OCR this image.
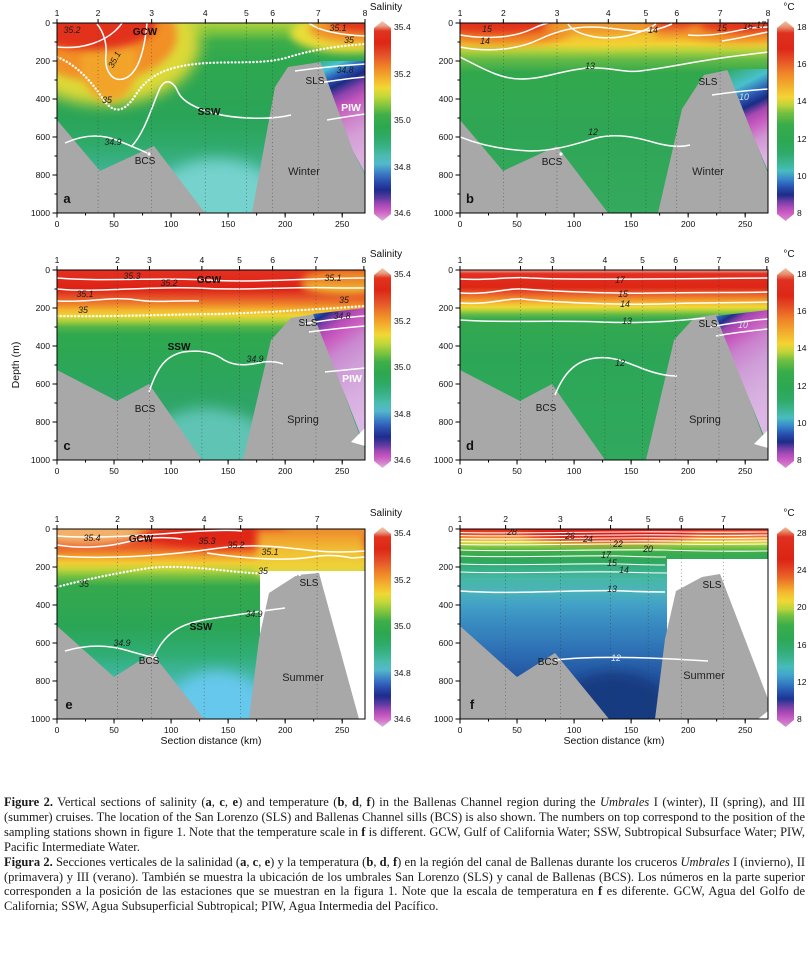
1	2	3	4	5 6	7	8
0	50	100	150	200	250
0
200
400
600
800
1000
35.2	GCW
35.1
35
SSW
34.9
BCS
SLS
34.8
PIW
35.1
35
Winter
a
Salinity
35.4
35.2
35.0
34.8
34.6
1	2	3	4	5	6	7	8
0	50	100	150	200	250
0
200
400
600
800
1000
15
14
14	15 16 17
13
12
10
SLS
BCS
Winter
b
°C
18
16
14
12
10
8
1	2	3	4	5	6	7	8
0	50	100	150	200	250
0
200
400
600
800
1000
35.3
35.2 GCW
35.1
35.1
35
35
SSW
34.9
34.8
PIW
SLS
BCS
Spring
c
Depth (m)
Salinity
35.4
35.2
35.0
34.8
34.6
1	2	3	4	5	6	7	8
0	50	100	150	200	250
0
200
400
600
800
1000
17
15
14
13
12
10
SLS
BCS
Spring
d
°C
18
16
14
12
10
8
1	2	3	4	5	7
0	50	100	150	200	250
0
200
400
600
800
1000
35.4	GCW	35.3 35.2
35.1
35
35
SSW
34.9
34.9
SLS
BCS
Summer
e
Section distance (km)
Salinity
35.4
35.2
35.0
34.8
34.6
1	2	3	4	5	6	7
0	50	100	150	200	250
0
200
400
600
800
1000
28	26 24 22 20
17
15
14
13
12
SLS
BCS
Summer
f
Section distance (km)
°C
28
24
20
16
12
8

Figure 2. Vertical sections of salinity (a, c, e) and temperature (b, d, f) in the Ballenas Channel region during the Umbrales I (winter), II (spring), and III (summer) cruises. The location of the San Lorenzo (SLS) and Ballenas Channel sills (BCS) is also shown. The numbers on top correspond to the position of the sampling stations shown in figure 1. Note that the temperature scale in f is different. GCW, Gulf of California Water; SSW, Subtropical Subsurface Water; PIW, Pacific Intermediate Water.

Figura 2. Secciones verticales de la salinidad (a, c, e) y la temperatura (b, d, f) en la región del canal de Ballenas durante los cruceros Umbrales I (invierno), II (primavera) y III (verano). También se muestra la ubicación de los umbrales San Lorenzo (SLS) y canal de Ballenas (BCS). Los números en la parte superior corresponden a la posición de las estaciones que se muestran en la figura 1. Note que la escala de temperatura en f es diferente. GCW, Agua del Golfo de California; SSW, Agua Subsuperficial Subtropical; PIW, Agua Intermedia del Pacífico.
